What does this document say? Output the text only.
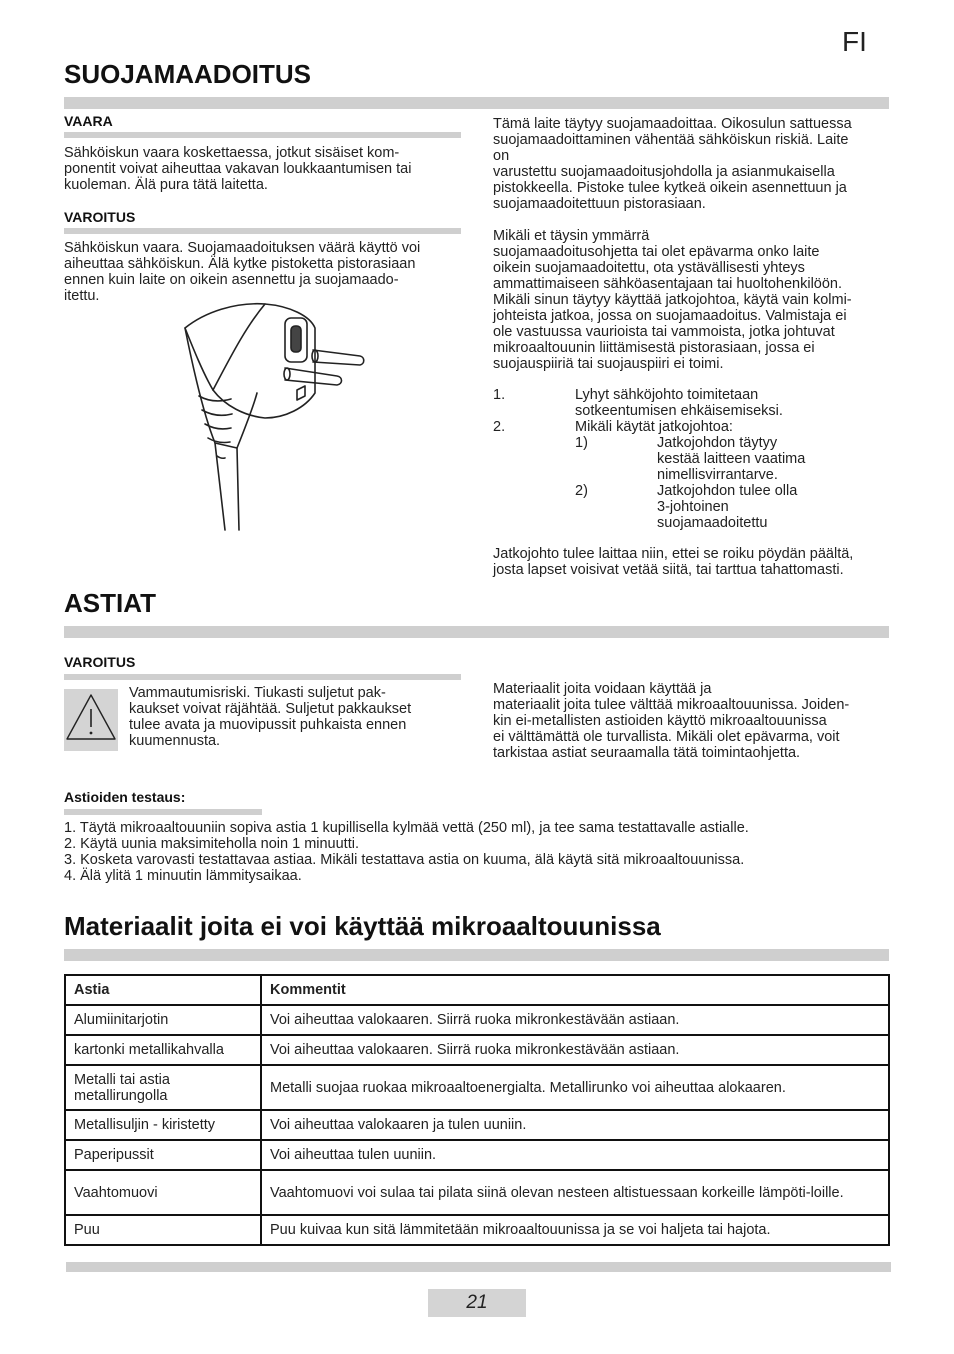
FI
SUOJAMAADOITUS
VAARA

Sähköiskun vaara koskettaessa, jotkut sisäiset kom-

ponentit voivat aiheuttaa vakavan loukkaantumisen tai

kuoleman. Älä pura tätä laitetta.

VAROITUS

Sähköiskun vaara. Suojamaadoituksen väärä käyttö voi

aiheuttaa sähköiskun. Älä kytke pistoketta pistorasiaan

ennen kuin laite on oikein asennettu ja suojamaado-

itettu.

Tämä laite täytyy suojamaadoittaa. Oikosulun sattuessa

suojamaadoittaminen vähentää sähköiskun riskiä. Laite

on

varustettu suojamaadoitusjohdolla ja asianmukaisella

pistokkeella. Pistoke tulee kytkeä oikein asennettuun ja

suojamaadoitettuun pistorasiaan.

Mikäli et täysin ymmärrä

suojamaadoitusohjetta tai olet epävarma onko laite

oikein suojamaadoitettu, ota ystävällisesti yhteys

ammattimaiseen sähköasentajaan tai huoltohenkilöön.

Mikäli sinun täytyy käyttää jatkojohtoa, käytä vain kolmi-

johteista jatkoa, jossa on suojamaadoitus. Valmistaja ei

ole vastuussa vaurioista tai vammoista, jotka johtuvat

mikroaaltouunin liittämisestä pistorasiaan, jossa ei

suojauspiiriä tai suojauspiiri ei toimi.

1.	Lyhyt sähköjohto toimitetaan
sotkeentumisen ehkäisemiseksi.
2.	Mikäli käytät jatkojohtoa:
1)	Jatkojohdon täytyy
kestää laitteen vaatima
nimellisvirrantarve.
2)	Jatkojohdon tulee olla
3-johtoinen
suojamaadoitettu

Jatkojohto tulee laittaa niin, ettei se roiku pöydän päältä,

josta lapset voisivat vetää siitä, tai tarttua tahattomasti.

ASTIAT
VAROITUS

Vammautumisriski. Tiukasti suljetut pak-

kaukset voivat räjähtää. Suljetut pakkaukset

tulee avata ja muovipussit puhkaista ennen

kuumennusta.

Materiaalit joita voidaan käyttää ja

materiaalit joita tulee välttää mikroaaltouunissa. Joiden-

kin ei-metallisten astioiden käyttö mikroaaltouunissa

ei välttämättä ole turvallista. Mikäli olet epävarma, voit

tarkistaa astiat seuraamalla tätä toimintaohjetta.

Astioiden testaus:

1. Täytä mikroaaltouuniin sopiva astia 1 kupillisella kylmää vettä (250 ml), ja tee sama testattavalle astialle.

2. Käytä uunia maksimiteholla noin 1 minuutti.

3. Kosketa varovasti testattavaa astiaa. Mikäli testattava astia on kuuma, älä käytä sitä mikroaaltouunissa.

4. Älä ylitä 1 minuutin lämmitysaikaa.

Materiaalit joita ei voi käyttää mikroaaltouunissa
Astia	Kommentit
Alumiinitarjotin	Voi aiheuttaa valokaaren. Siirrä ruoka mikronkestävään astiaan.
kartonki metallikahvalla	Voi aiheuttaa valokaaren. Siirrä ruoka mikronkestävään astiaan.
Metalli tai astia metallirungolla	Metalli suojaa ruokaa mikroaaltoenergialta. Metallirunko voi aiheuttaa alokaaren.
Metallisuljin - kiristetty	Voi aiheuttaa valokaaren ja tulen uuniin.
Paperipussit	Voi aiheuttaa tulen uuniin.
Vaahtomuovi	Vaahtomuovi voi sulaa tai pilata siinä olevan nesteen altistuessaan korkeille lämpöti-loille.
Puu	Puu kuivaa kun sitä lämmitetään mikroaaltouunissa ja se voi haljeta tai hajota.
21
